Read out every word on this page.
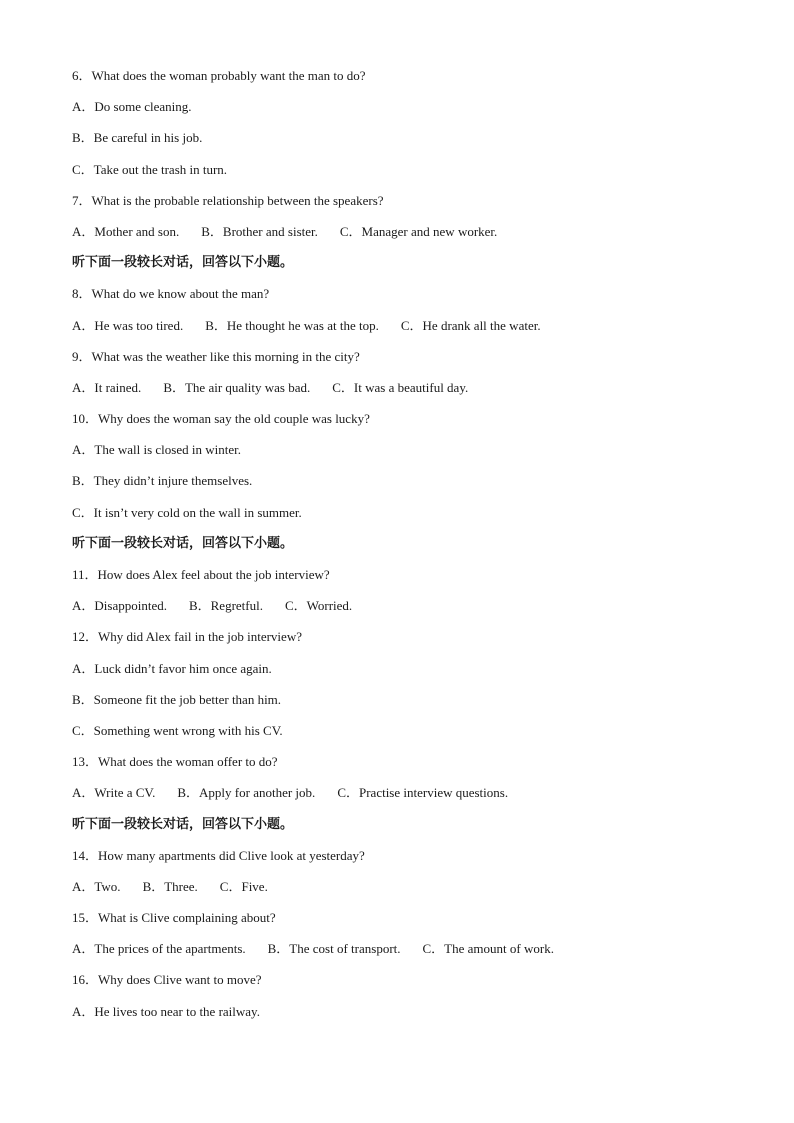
6．What does the woman probably want the man to do?
A．Do some cleaning.
B．Be careful in his job.
C．Take out the trash in turn.
7．What is the probable relationship between the speakers?
A．Mother and son. B．Brother and sister. C．Manager and new worker.
听下面一段较长对话，回答以下小题。
8．What do we know about the man?
A．He was too tired. B．He thought he was at the top. C．He drank all the water.
9．What was the weather like this morning in the city?
A．It rained. B．The air quality was bad. C．It was a beautiful day.
10．Why does the woman say the old couple was lucky?
A．The wall is closed in winter.
B．They didn’t injure themselves.
C．It isn’t very cold on the wall in summer.
听下面一段较长对话，回答以下小题。
11．How does Alex feel about the job interview?
A．Disappointed. B．Regretful. C．Worried.
12．Why did Alex fail in the job interview?
A．Luck didn’t favor him once again.
B．Someone fit the job better than him.
C．Something went wrong with his CV.
13．What does the woman offer to do?
A．Write a CV. B．Apply for another job. C．Practise interview questions.
听下面一段较长对话，回答以下小题。
14．How many apartments did Clive look at yesterday?
A．Two. B．Three. C．Five.
15．What is Clive complaining about?
A．The prices of the apartments. B．The cost of transport. C．The amount of work.
16．Why does Clive want to move?
A．He lives too near to the railway.
